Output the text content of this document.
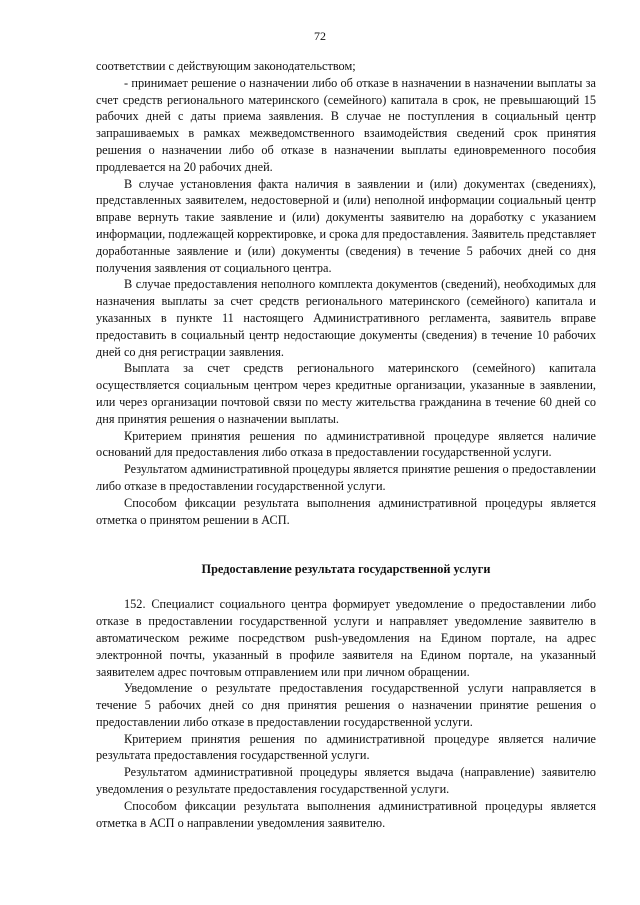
72

соответствии с действующим законодательством;

- принимает решение о назначении либо об отказе в назначении в назначении выплаты за счет средств регионального материнского (семейного) капитала в срок, не превышающий 15 рабочих дней с даты приема заявления. В случае не поступления в социальный центр запрашиваемых в рамках межведомственного взаимодействия сведений срок принятия решения о назначении либо об отказе в назначении выплаты единовременного пособия продлевается на 20 рабочих дней.

В случае установления факта наличия в заявлении и (или) документах (сведениях), представленных заявителем, недостоверной и (или) неполной информации социальный центр вправе вернуть такие заявление и (или) документы заявителю на доработку с указанием информации, подлежащей корректировке, и срока для предоставления. Заявитель представляет доработанные заявление и (или) документы (сведения) в течение 5 рабочих дней со дня получения заявления от социального центра.

В случае предоставления неполного комплекта документов (сведений), необходимых для назначения выплаты за счет средств регионального материнского (семейного) капитала и указанных в пункте 11 настоящего Административного регламента, заявитель вправе предоставить в социальный центр недостающие документы (сведения) в течение 10 рабочих дней со дня регистрации заявления.

Выплата за счет средств регионального материнского (семейного) капитала осуществляется социальным центром через кредитные организации, указанные в заявлении, или через организации почтовой связи по месту жительства гражданина в течение 60 дней со дня принятия решения о назначении выплаты.

Критерием принятия решения по административной процедуре является наличие оснований для предоставления либо отказа в предоставлении государственной услуги.

Результатом административной процедуры является принятие решения о предоставлении либо отказе в предоставлении государственной услуги.

Способом фиксации результата выполнения административной процедуры является отметка о принятом решении в АСП.

Предоставление результата государственной услуги

152. Специалист социального центра формирует уведомление о предоставлении либо отказе в предоставлении государственной услуги и направляет уведомление заявителю в автоматическом режиме посредством push-уведомления на Едином портале, на адрес электронной почты, указанный в профиле заявителя на Едином портале, на указанный заявителем адрес почтовым отправлением или при личном обращении.

Уведомление о результате предоставления государственной услуги направляется в течение 5 рабочих дней со дня принятия решения о назначении принятие решения о предоставлении либо отказе в предоставлении государственной услуги.

Критерием принятия решения по административной процедуре является наличие результата предоставления государственной услуги.

Результатом административной процедуры является выдача (направление) заявителю уведомления о результате предоставления государственной услуги.

Способом фиксации результата выполнения административной процедуры является отметка в АСП о направлении уведомления заявителю.
